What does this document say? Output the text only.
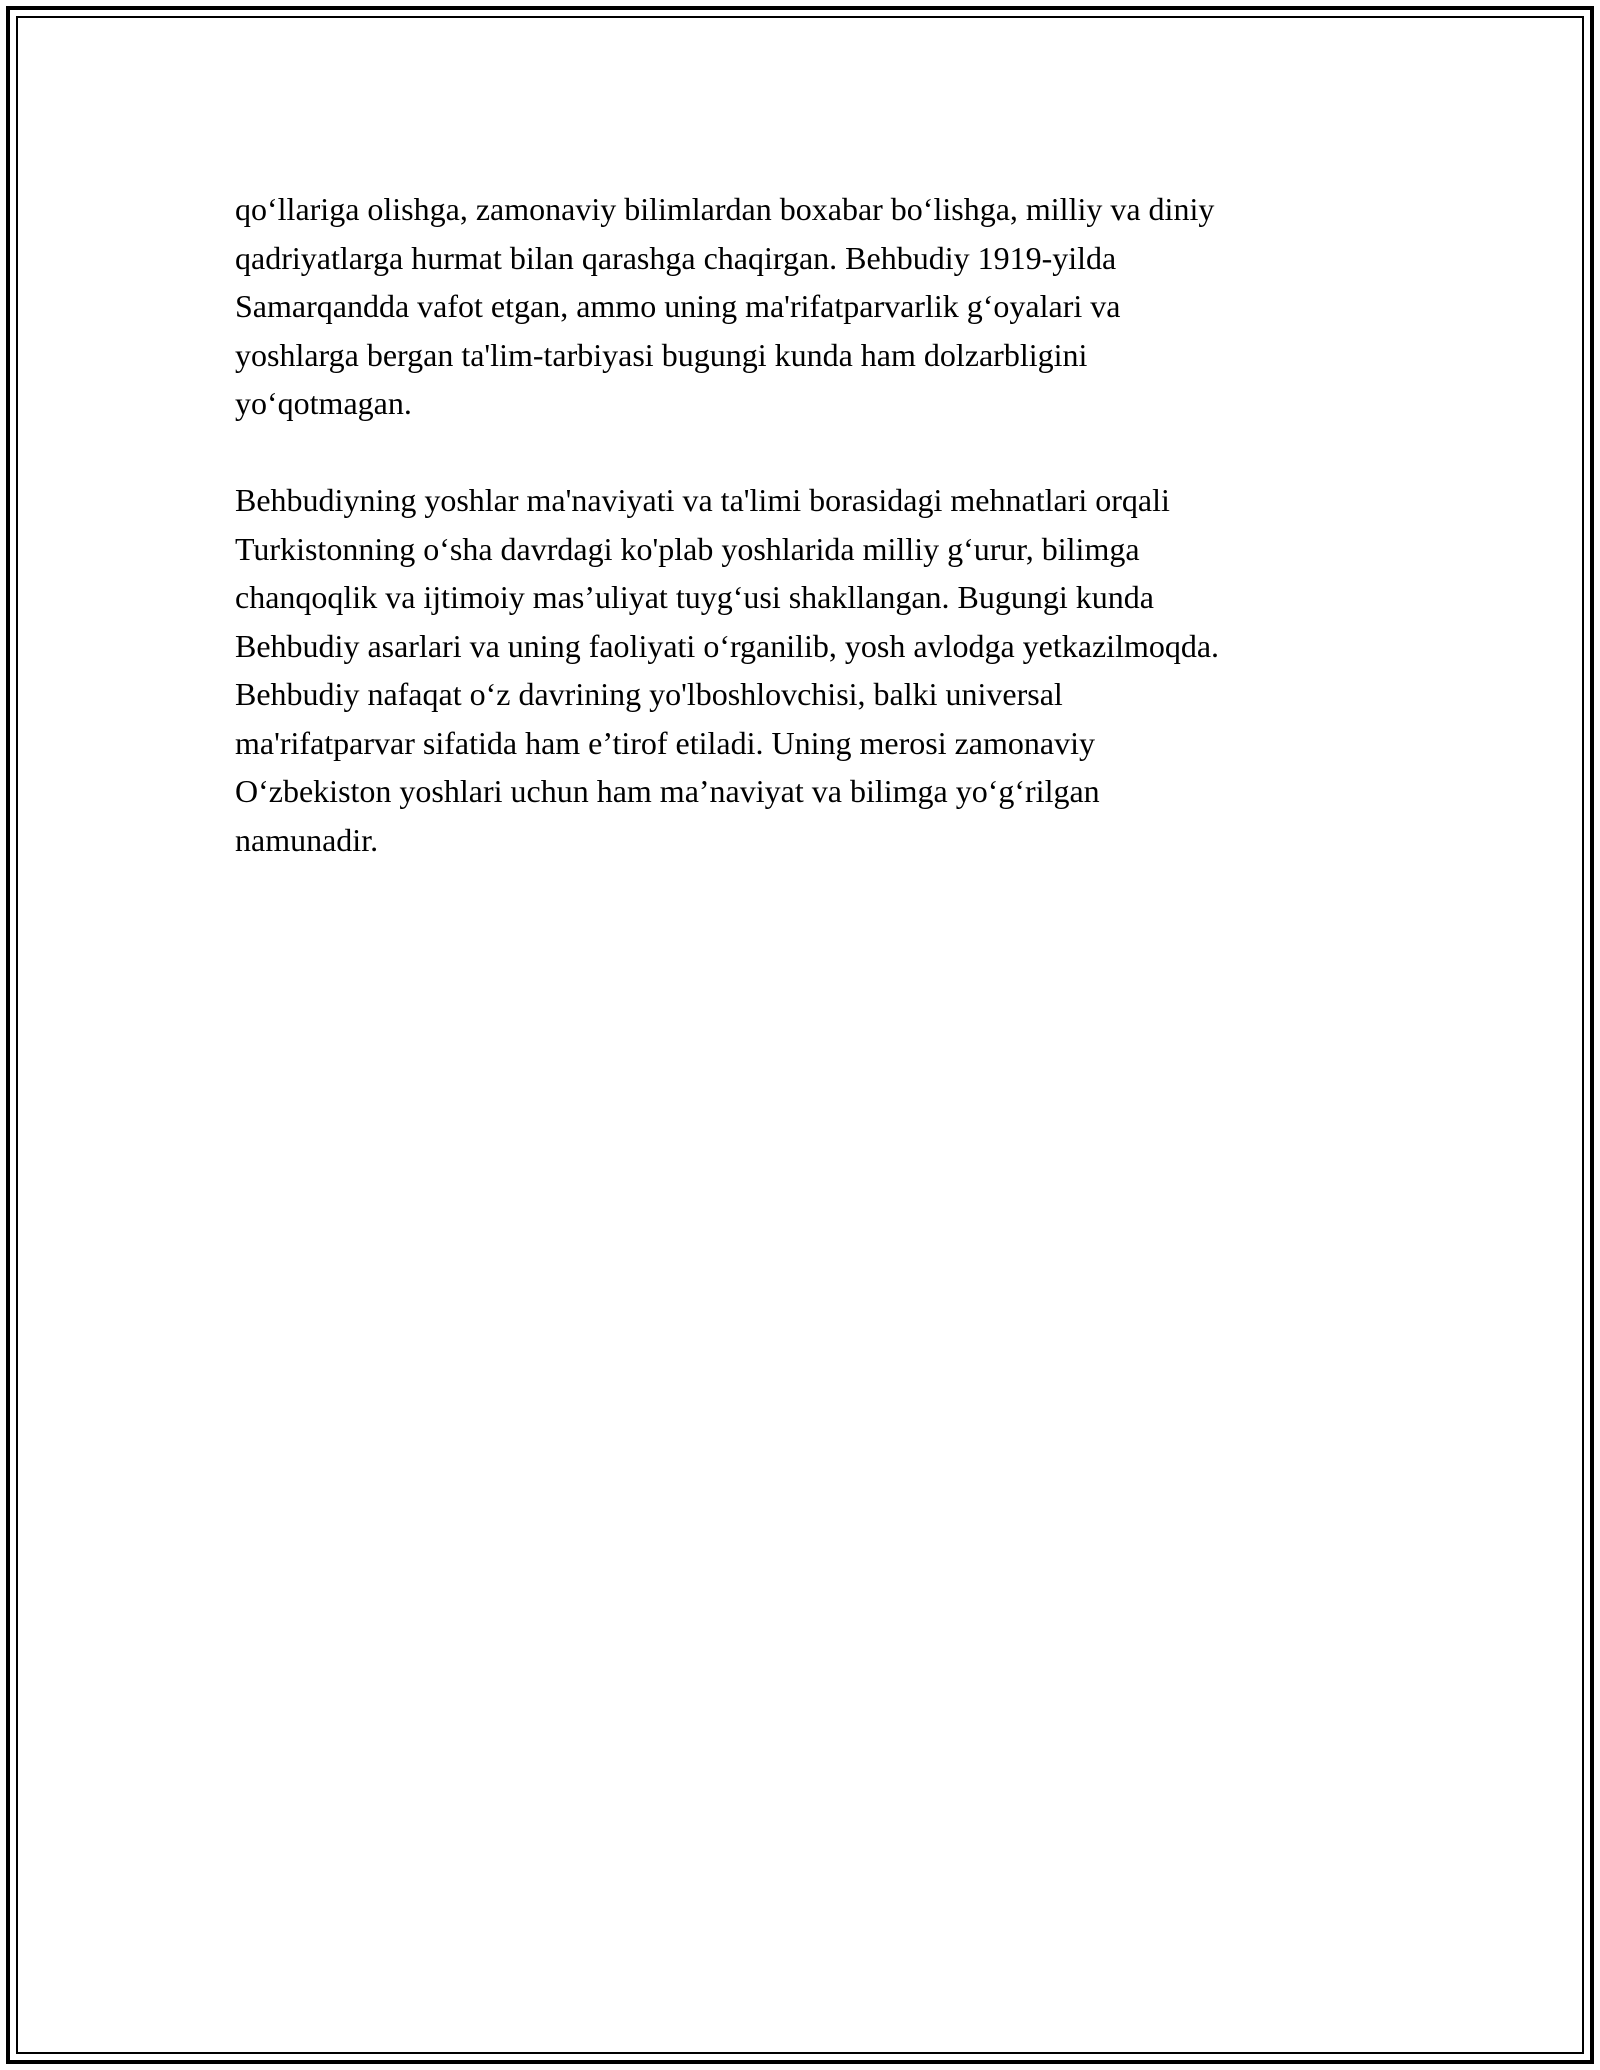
qo‘llariga olishga, zamonaviy bilimlardan boxabar bo‘lishga, milliy va diniy
qadriyatlarga hurmat bilan qarashga chaqirgan. Behbudiy 1919-yilda
Samarqandda vafot etgan, ammo uning ma'rifatparvarlik g‘oyalari va
yoshlarga bergan ta'lim-tarbiyasi bugungi kunda ham dolzarbligini
yo‘qotmagan.

Behbudiyning yoshlar ma'naviyati va ta'limi borasidagi mehnatlari orqali
Turkistonning o‘sha davrdagi ko'plab yoshlarida milliy g‘urur, bilimga
chanqoqlik va ijtimoiy mas’uliyat tuyg‘usi shakllangan. Bugungi kunda
Behbudiy asarlari va uning faoliyati o‘rganilib, yosh avlodga yetkazilmoqda.
Behbudiy nafaqat o‘z davrining yo'lboshlovchisi, balki universal
ma'rifatparvar sifatida ham e’tirof etiladi. Uning merosi zamonaviy
O‘zbekiston yoshlari uchun ham ma’naviyat va bilimga yo‘g‘rilgan
namunadir.
